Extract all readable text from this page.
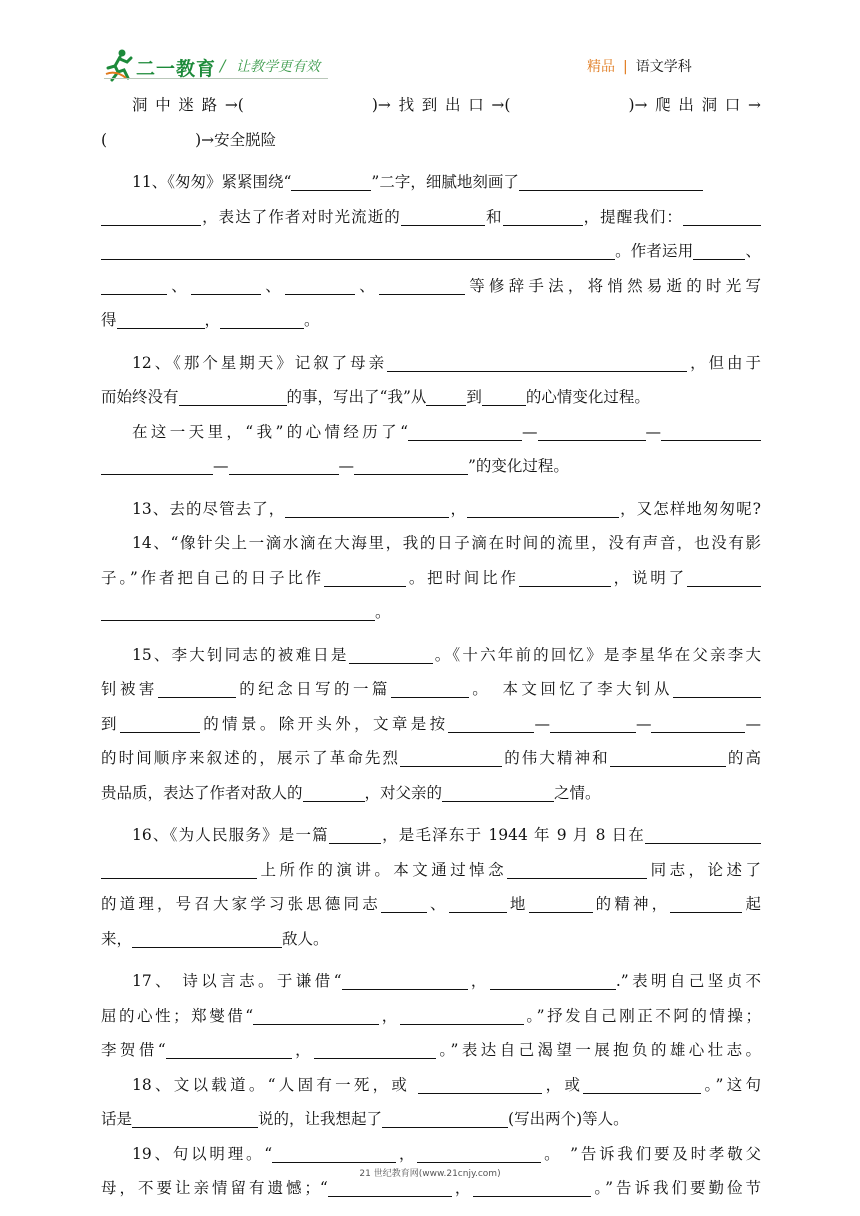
二一教育 / 让教学更有效	精品 | 语文学科
洞中迷路→(	)→找到出口→(	)→爬出洞口→
(	)→安全脱险
11、《匆匆》紧紧围绕“	”二字，细腻地刻画了
，表达了作者对时光流逝的	和	，提醒我们：
。作者运用	、
、	、	、	等修辞手法，将悄然易逝的时光写
得	，	。
12、《那个星期天》记叙了母亲	，但由于
而始终没有	的事，写出了“我”从	到	的心情变化过程。
在这一天里，“我”的心情经历了“	—	—
—	—	”的变化过程。
13、去的尽管去了，	，	，又怎样地匆匆呢?
14、“像针尖上一滴水滴在大海里，我的日子滴在时间的流里，没有声音，也没有影
子。”作者把自己的日子比作	。把时间比作	，说明了
。
15、李大钊同志的被难日是	。《十六年前的回忆》是李星华在父亲李大
钊被害	的纪念日写的一篇	。　本文回忆了李大钊从
到	的情景。除开头外，文章是按	—	—	—
的时间顺序来叙述的，展示了革命先烈	的伟大精神和	的高
贵品质，表达了作者对敌人的	，对父亲的	之情。
16、《为人民服务》是一篇	，是毛泽东于 1944 年 9 月 8 日在
上所作的演讲。本文通过悼念	同志，论述了
的道理，号召大家学习张思德同志	、	地	的精神，	起
来，	敌人。
17、 诗以言志。于谦借“	，	.”表明自己坚贞不
屈的心性；郑燮借“	，	。”抒发自己刚正不阿的情操；
李贺借“	，	。”表达自己渴望一展抱负的雄心壮志。
18、文以载道。“人固有一死，或	，或	。”这句
话是	说的，让我想起了	(写出两个)等人。
19、句以明理。“	，	。 ”告诉我们要及时孝敬父
母，不要让亲情留有遗憾；“	，	。”告诉我们要勤俭节
21 世纪教育网(www.21cnjy.com)
